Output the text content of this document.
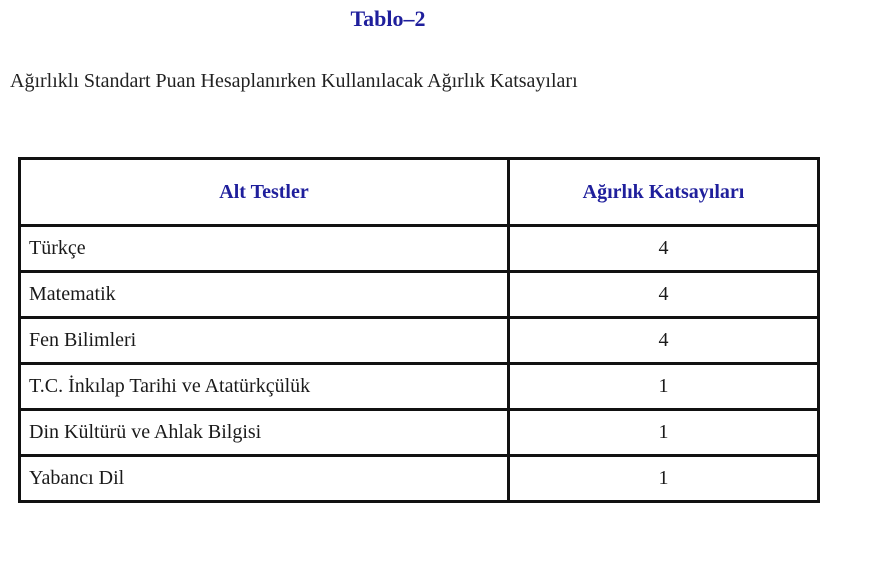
Tablo–2

Ağırlıklı Standart Puan Hesaplanırken Kullanılacak Ağırlık Katsayıları

Alt Testler	Ağırlık Katsayıları
Türkçe	4
Matematik	4
Fen Bilimleri	4
T.C. İnkılap Tarihi ve Atatürkçülük	1
Din Kültürü ve Ahlak Bilgisi	1
Yabancı Dil	1
